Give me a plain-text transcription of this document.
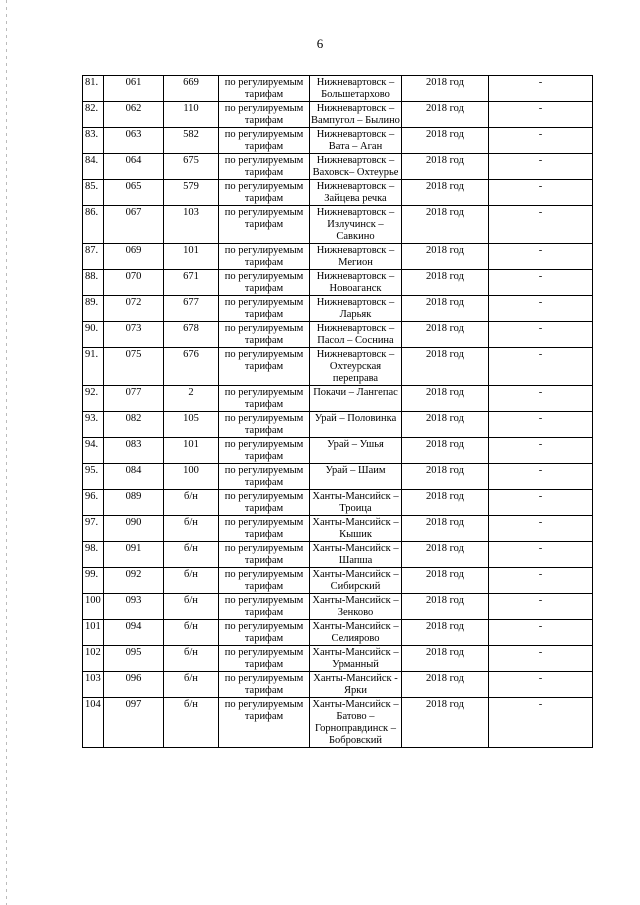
6
81.	061	669	по регулируемым тарифам	Нижневартовск – Большетархово	2018 год	-
82.	062	110	по регулируемым тарифам	Нижневартовск – Вампугол – Былино	2018 год	-
83.	063	582	по регулируемым тарифам	Нижневартовск – Вата – Аган	2018 год	-
84.	064	675	по регулируемым тарифам	Нижневартовск – Ваховск– Охтеурье	2018 год	-
85.	065	579	по регулируемым тарифам	Нижневартовск – Зайцева речка	2018 год	-
86.	067	103	по регулируемым тарифам	Нижневартовск – Излучинск – Савкино	2018 год	-
87.	069	101	по регулируемым тарифам	Нижневартовск – Мегион	2018 год	-
88.	070	671	по регулируемым тарифам	Нижневартовск – Новоаганск	2018 год	-
89.	072	677	по регулируемым тарифам	Нижневартовск – Ларьяк	2018 год	-
90.	073	678	по регулируемым тарифам	Нижневартовск – Пасол – Соснина	2018 год	-
91.	075	676	по регулируемым тарифам	Нижневартовск – Охтеурская переправа	2018 год	-
92.	077	2	по регулируемым тарифам	Покачи – Лангепас	2018 год	-
93.	082	105	по регулируемым тарифам	Урай – Половинка	2018 год	-
94.	083	101	по регулируемым тарифам	Урай – Ушья	2018 год	-
95.	084	100	по регулируемым тарифам	Урай – Шаим	2018 год	-
96.	089	б/н	по регулируемым тарифам	Ханты-Мансийск – Троица	2018 год	-
97.	090	б/н	по регулируемым тарифам	Ханты-Мансийск – Кышик	2018 год	-
98.	091	б/н	по регулируемым тарифам	Ханты-Мансийск – Шапша	2018 год	-
99.	092	б/н	по регулируемым тарифам	Ханты-Мансийск – Сибирский	2018 год	-
100	093	б/н	по регулируемым тарифам	Ханты-Мансийск – Зенково	2018 год	-
101	094	б/н	по регулируемым тарифам	Ханты-Мансийск – Селиярово	2018 год	-
102	095	б/н	по регулируемым тарифам	Ханты-Мансийск – Урманный	2018 год	-
103	096	б/н	по регулируемым тарифам	Ханты-Мансийск - Ярки	2018 год	-
104	097	б/н	по регулируемым тарифам	Ханты-Мансийск – Батово – Горноправдинск – Бобровский	2018 год	-
